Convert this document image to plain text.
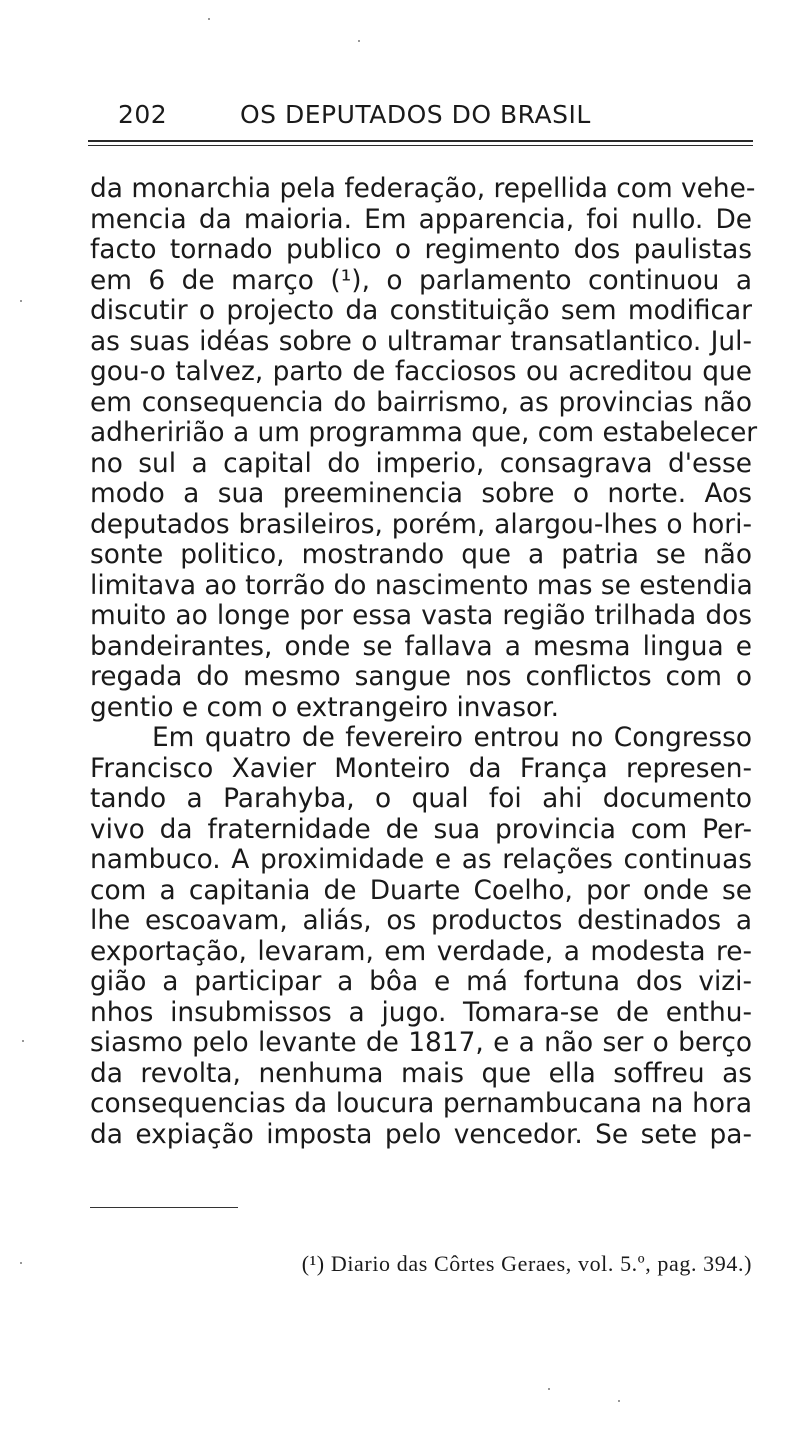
202	OS DEPUTADOS DO BRASIL
da monarchia pela federação, repellida com vehe-
mencia da maioria. Em apparencia, foi nullo. De
facto tornado publico o regimento dos paulistas
em 6 de março (¹), o parlamento continuou a
discutir o projecto da constituição sem modificar
as suas idéas sobre o ultramar transatlantico. Jul-
gou-o talvez, parto de facciosos ou acreditou que
em consequencia do bairrismo, as provincias não
adheririão a um programma que, com estabelecer
no sul a capital do imperio, consagrava d'esse
modo a sua preeminencia sobre o norte. Aos
deputados brasileiros, porém, alargou-lhes o hori-
sonte politico, mostrando que a patria se não
limitava ao torrão do nascimento mas se estendia
muito ao longe por essa vasta região trilhada dos
bandeirantes, onde se fallava a mesma lingua e
regada do mesmo sangue nos conflictos com o
gentio e com o extrangeiro invasor.
Em quatro de fevereiro entrou no Congresso
Francisco Xavier Monteiro da França represen-
tando a Parahyba, o qual foi ahi documento
vivo da fraternidade de sua provincia com Per-
nambuco. A proximidade e as relações continuas
com a capitania de Duarte Coelho, por onde se
lhe escoavam, aliás, os productos destinados a
exportação, levaram, em verdade, a modesta re-
gião a participar a bôa e má fortuna dos vizi-
nhos insubmissos a jugo. Tomara-se de enthu-
siasmo pelo levante de 1817, e a não ser o berço
da revolta, nenhuma mais que ella soffreu as
consequencias da loucura pernambucana na hora
da expiação imposta pelo vencedor. Se sete pa-
(¹) Diario das Côrtes Geraes, vol. 5.º, pag. 394.)
